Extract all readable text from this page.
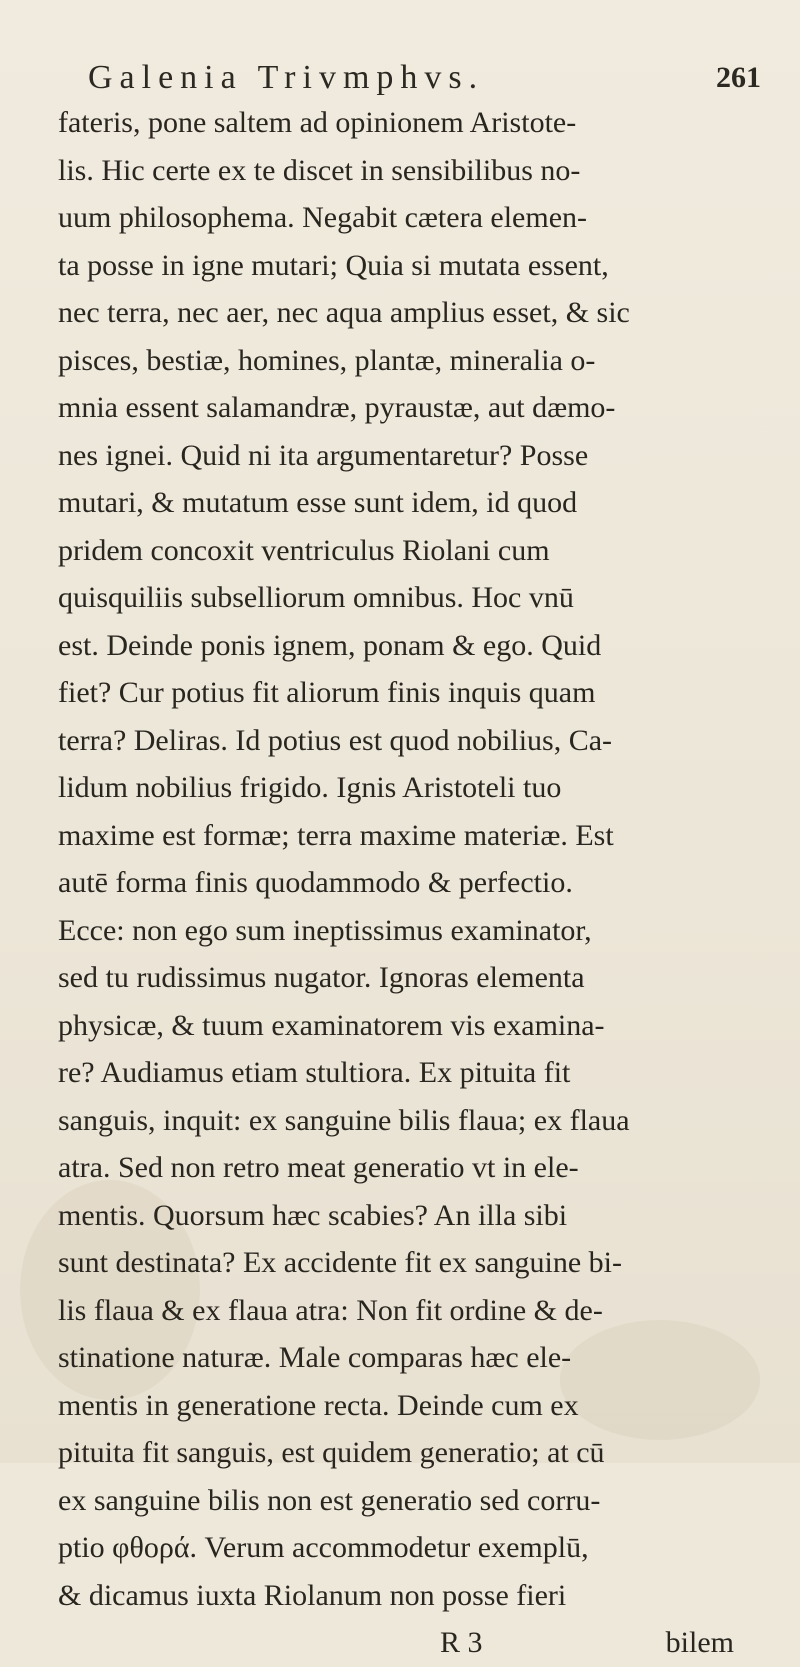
Galenia Trivmphvs.	261
fateris, pone saltem ad opinionem Aristote-
lis. Hic certe ex te discet in sensibilibus no-
uum philosophema. Negabit cætera elemen-
ta posse in igne mutari; Quia si mutata essent,
nec terra, nec aer, nec aqua amplius esset, & sic
pisces, bestiæ, homines, plantæ, mineralia o-
mnia essent salamandræ, pyraustæ, aut dæmo-
nes ignei. Quid ni ita argumentaretur? Posse
mutari, & mutatum esse sunt idem, id quod
pridem concoxit ventriculus Riolani cum
quisquiliis subselliorum omnibus. Hoc vnū
est. Deinde ponis ignem, ponam & ego. Quid
fiet? Cur potius fit aliorum finis inquis quam
terra? Deliras. Id potius est quod nobilius, Ca-
lidum nobilius frigido. Ignis Aristoteli tuo
maxime est formæ; terra maxime materiæ. Est
autē forma finis quodammodo & perfectio.
Ecce: non ego sum ineptissimus examinator,
sed tu rudissimus nugator. Ignoras elementa
physicæ, & tuum examinatorem vis examina-
re? Audiamus etiam stultiora. Ex pituita fit
sanguis, inquit: ex sanguine bilis flaua; ex flaua
atra. Sed non retro meat generatio vt in ele-
mentis. Quorsum hæc scabies? An illa sibi
sunt destinata? Ex accidente fit ex sanguine bi-
lis flaua & ex flaua atra: Non fit ordine & de-
stinatione naturæ. Male comparas hæc ele-
mentis in generatione recta. Deinde cum ex
pituita fit sanguis, est quidem generatio; at cū
ex sanguine bilis non est generatio sed corru-
ptio φθορά. Verum accommodetur exemplū,
& dicamus iuxta Riolanum non posse fieri
R 3	bilem
